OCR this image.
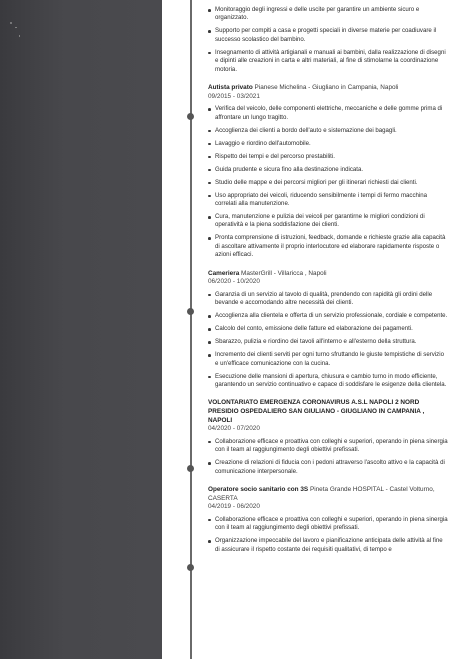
Monitoraggio degli ingressi e delle uscite per garantire un ambiente sicuro e organizzato.
Supporto per compiti a casa e progetti speciali in diverse materie per coadiuvare il successo scolastico del bambino.
Insegnamento di attività artigianali e manuali ai bambini, dalla realizzazione di disegni e dipinti alle creazioni in carta e altri materiali, al fine di stimolarne la coordinazione motoria.
Autista privato Pianese Michelina - Giugliano in Campania, Napoli
09/2015 - 03/2021
Verifica del veicolo, delle componenti elettriche, meccaniche e delle gomme prima di affrontare un lungo tragitto.
Accoglienza dei clienti a bordo dell'auto e sistemazione dei bagagli.
Lavaggio e riordino dell'automobile.
Rispetto dei tempi e del percorso prestabiliti.
Guida prudente e sicura fino alla destinazione indicata.
Studio delle mappe e dei percorsi migliori per gli itinerari richiesti dai clienti.
Uso appropriato dei veicoli, riducendo sensibilmente i tempi di fermo macchina correlati alla manutenzione.
Cura, manutenzione e pulizia dei veicoli per garantirne le migliori condizioni di operatività e la piena soddisfazione dei clienti.
Pronta comprensione di istruzioni, feedback, domande e richieste grazie alla capacità di ascoltare attivamente il proprio interlocutore ed elaborare rapidamente risposte o azioni efficaci.
Cameriera MasterGrill - Villaricca , Napoli
06/2020 - 10/2020
Garanzia di un servizio al tavolo di qualità, prendendo con rapidità gli ordini delle bevande e accomodando altre necessità dei clienti.
Accoglienza alla clientela e offerta di un servizio professionale, cordiale e competente.
Calcolo del conto, emissione delle fatture ed elaborazione dei pagamenti.
Sbarazzo, pulizia e riordino dei tavoli all'interno e all'esterno della struttura.
Incremento dei clienti serviti per ogni turno sfruttando le giuste tempistiche di servizio e un'efficace comunicazione con la cucina.
Esecuzione delle mansioni di apertura, chiusura e cambio turno in modo efficiente, garantendo un servizio continuativo e capace di soddisfare le esigenze della clientela.
VOLONTARIATO EMERGENZA CORONAVIRUS A.S.L NAPOLI 2 NORD PRESIDIO OSPEDALIERO SAN GIULIANO - GIUGLIANO IN CAMPANIA , NAPOLI
04/2020 - 07/2020
Collaborazione efficace e proattiva con colleghi e superiori, operando in piena sinergia con il team al raggiungimento degli obiettivi prefissati.
Creazione di relazioni di fiducia con i pedoni attraverso l'ascolto attivo e la capacità di comunicazione interpersonale.
Operatore socio sanitario con 3S Pineta Grande HOSPITAL - Castel Volturno, CASERTA
04/2019 - 06/2020
Collaborazione efficace e proattiva con colleghi e superiori, operando in piena sinergia con il team al raggiungimento degli obiettivi prefissati.
Organizzazione impeccabile del lavoro e pianificazione anticipata delle attività al fine di assicurare il rispetto costante dei requisiti qualitativi, di tempo e
